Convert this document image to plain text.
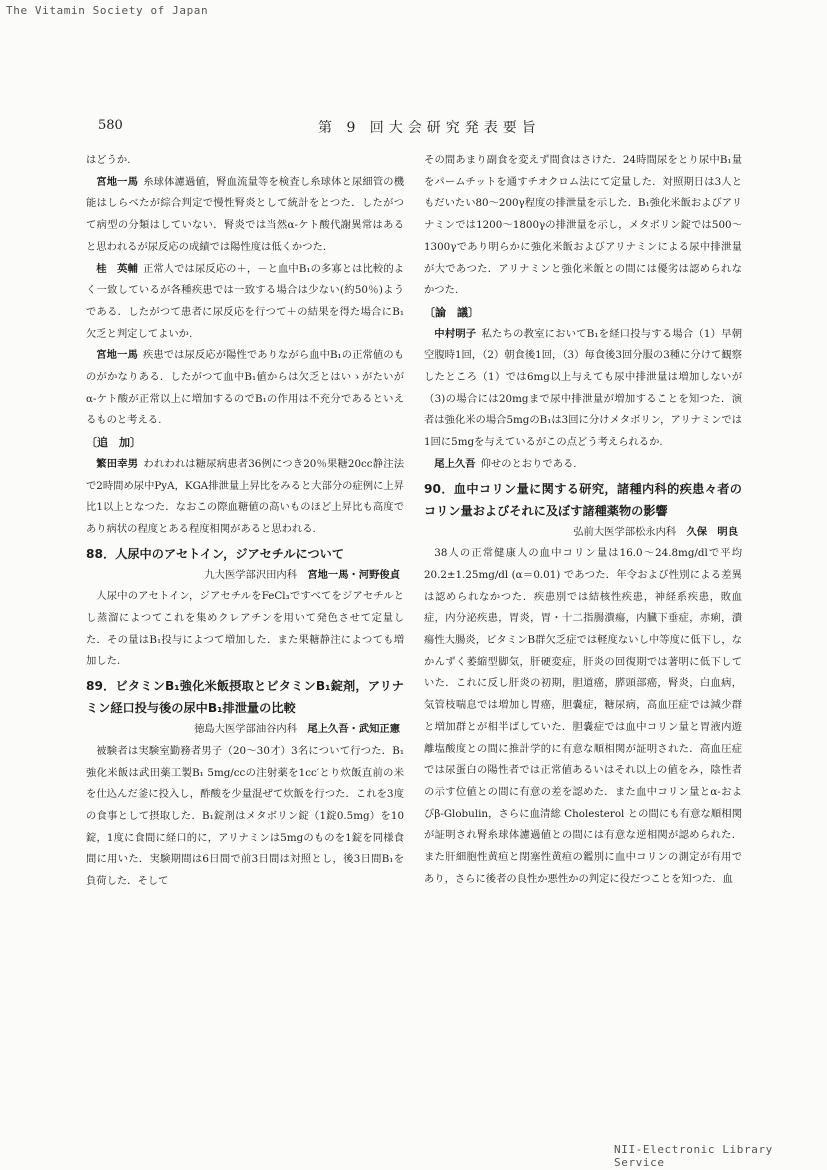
The Vitamin Society of Japan
580	第 9 回大会研究発表要旨

はどうか.

宮地一馬 糸球体濾過値，腎血流量等を検査し糸球体と尿細管の機能はしらべたが綜合判定で慢性腎炎として統計をとつた．したがつて病型の分類はしていない．腎炎では当然α-ケト酸代謝異常はあると思われるが尿反応の成績では陽性度は低くかつた．

桂　英輔 正常人では尿反応の＋，－と血中B₁の多寡とは比較的よく一致しているが各種疾患では一致する場合は少ない(約50％)ようである．したがつて患者に尿反応を行つて＋の結果を得た場合にB₁欠乏と判定してよいか.

宮地一馬 疾患では尿反応が陽性でありながら血中B₁の正常値のものがかなりある．したがつて血中B₁値からは欠乏とはいゝがたいがα-ケト酸が正常以上に増加するのでB₁の作用は不充分であるといえるものと考える.

〔追　加〕

繁田幸男 われわれは糖尿病患者36例につき20％果糖20cc静注法で2時間め尿中PyA，KGA排泄量上昇比をみると大部分の症例に上昇比1以上となつた．なおこの際血糖値の高いものほど上昇比も高度であり病状の程度とある程度相関があると思われる.

88．人尿中のアセトイン，ジアセチルについて
九大医学部沢田内科　 宮地一馬・河野俊貞

人尿中のアセトイン，ジアセチルをFeCl₃ですべてをジアセチルとし蒸溜によつてこれを集めクレアチンを用いて発色させて定量した．その量はB₁投与によつて増加した．また果糖静注によつても増加した.

89．ビタミンB₁強化米飯摂取とビタミンB₁錠剤，アリナミン経口投与後の尿中B₁排泄量の比較
徳島大医学部油谷内科　 尾上久吾・武知正憲

被験者は実験室勤務者男子（20～30才）3名について行つた．B₁強化米飯は武田薬工製B₁ 5mg/ccの注射薬を1cc′とり炊飯直前の米を仕込んだ釜に投入し，酢酸を少量混ぜて炊飯を行つた．これを3度の食事として摂取した．B₁錠剤はメタボリン錠（1錠0.5mg）を10錠，1度に食間に経口的に，アリナミンは5mgのものを1錠を同様食間に用いた．実験期間は6日間で前3日間は対照とし，後3日間B₁を負荷した．そして

その間あまり副食を変えず間食はさけた．24時間尿をとり尿中B₁量をパームチットを通すチオクロム法にて定量した．対照期日は3人ともだいたい80～200γ程度の排泄量を示した．B₁強化米飯およびアリナミンでは1200～1800γの排泄量を示し，メタボリン錠では500～1300γであり明らかに強化米飯およびアリナミンによる尿中排泄量が大であつた．アリナミンと強化米飯との間には優劣は認められなかつた.

〔論　議〕

中村明子 私たちの教室においてB₁を経口投与する場合（1）早朝空腹時1回，（2）朝食後1回，（3）毎食後3回分服の3種に分けて観察したところ（1）では6mg以上与えても尿中排泄量は増加しないが（3)の場合には20mgまで尿中排泄量が増加することを知つた．演者は強化米の場合5mgのB₁は3回に分けメタボリン，アリナミンでは1回に5mgを与えているがこの点どう考えられるか.

尾上久吾 仰せのとおりである.

90．血中コリン量に関する研究，諸種内科的疾患々者のコリン量およびそれに及ぼす諸種薬物の影響
弘前大医学部松永内科　 久保　明良

38人の正常健康人の血中コリン量は16.0～24.8mg/dlで平均20.2±1.25mg/dl (α＝0.01) であつた．年令および性別による差異は認められなかつた．疾患別では結核性疾患，神経系疾患，敗血症，内分泌疾患，胃炎，胃・十二指腸潰瘍，内臓下垂症，赤痢，潰瘍性大腸炎，ビタミンB群欠乏症では軽度ないし中等度に低下し，なかんずく萎縮型脚気，肝硬変症，肝炎の回復期では著明に低下していた．これに反し肝炎の初期，胆道癌，膵頭部癌，腎炎，白血病，気管枝喘息では増加し胃癌，胆嚢症，糖尿病，高血圧症では減少群と増加群とが相半ばしていた．胆嚢症では血中コリン量と胃液内遊離塩酸度との間に推計学的に有意な順相関が証明された．高血圧症では尿蛋白の陽性者では正常値あるいはそれ以上の値をみ，陰性者の示す位値との間に有意の差を認めた．また血中コリン量とα-およびβ-Globulin，さらに血清総 Cholesterol との間にも有意な順相関が証明され腎糸球体濾過値との間には有意な逆相関が認められた．また肝細胞性黄疸と閉塞性黄疸の鑑別に血中コリンの測定が有用であり，さらに後者の良性か悪性かの判定に役だつことを知つた．血

NII-Electronic Library Service
